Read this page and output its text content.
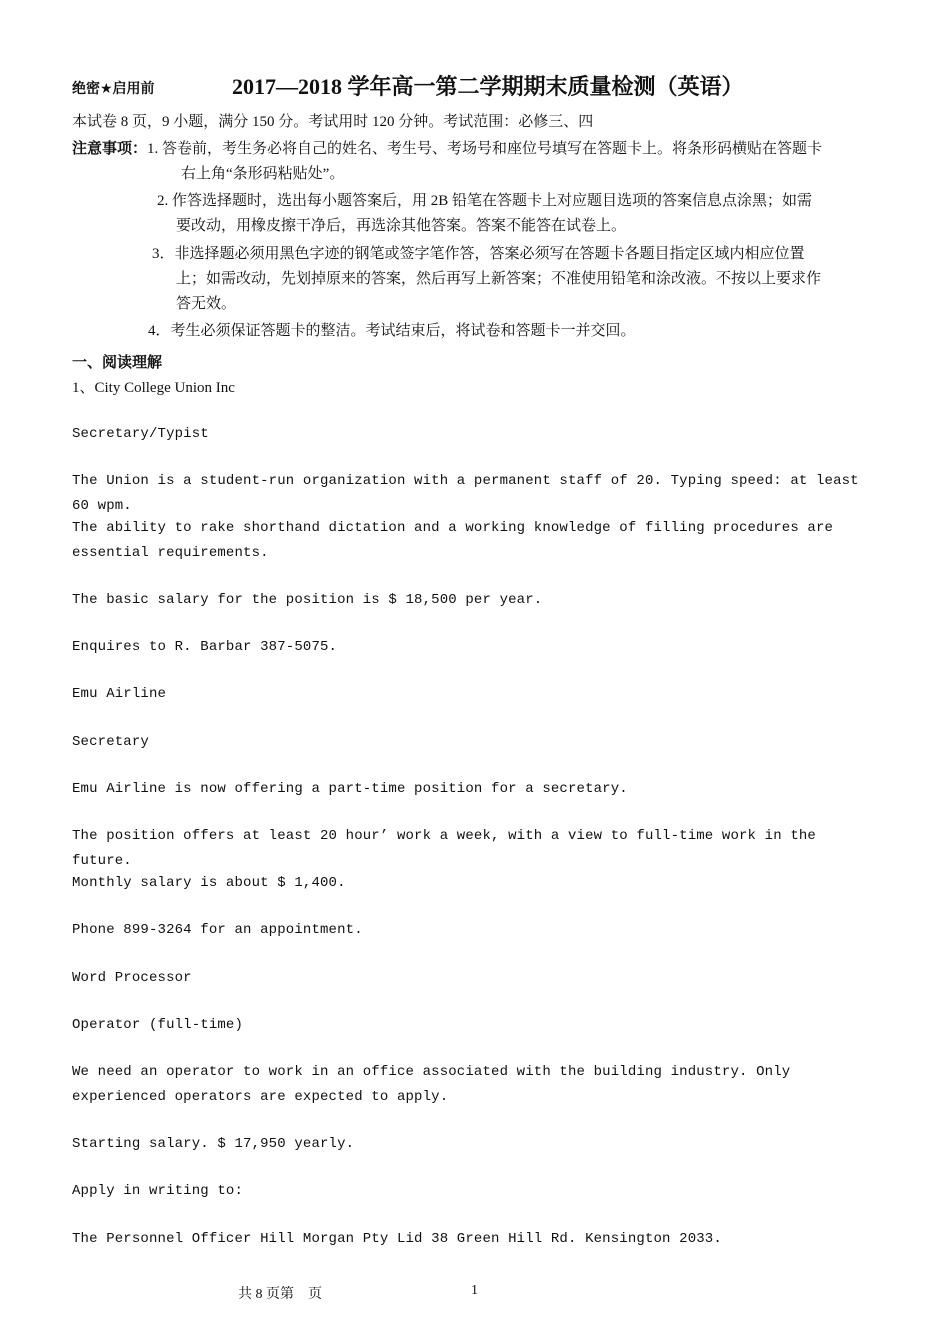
绝密★启用前	2017—2018 学年高一第二学期期末质量检测（英语）
本试卷 8 页，9 小题，满分 150 分。考试用时 120 分钟。考试范围：必修三、四
注意事项：1. 答卷前，考生务必将自己的姓名、考生号、考场号和座位号填写在答题卡上。将条形码横贴在答题卡
右上角“条形码粘贴处”。
2. 作答选择题时，选出每小题答案后，用 2B 铅笔在答题卡上对应题目选项的答案信息点涂黑；如需
要改动，用橡皮擦干净后，再选涂其他答案。答案不能答在试卷上。
3．非选择题必须用黑色字迹的钢笔或签字笔作答，答案必须写在答题卡各题目指定区域内相应位置
上；如需改动，先划掉原来的答案，然后再写上新答案；不准使用铅笔和涂改液。不按以上要求作
答无效。
4．考生必须保证答题卡的整洁。考试结束后，将试卷和答题卡一并交回。
一、阅读理解
1、City College Union Inc
Secretary/Typist
The Union is a student-run organization with a permanent staff of 20. Typing speed: at least 60 wpm.
The ability to rake shorthand dictation and a working knowledge of filling procedures are essential requirements.
The basic salary for the position is $ 18,500 per year.
Enquires to R. Barbar 387-5075.
Emu Airline
Secretary
Emu Airline is now offering a part-time position for a secretary.
The position offers at least 20 hour’ work a week, with a view to full-time work in the future.
Monthly salary is about $ 1,400.
Phone 899-3264 for an appointment.
Word Processor
Operator (full-time)
We need an operator to work in an office associated with the building industry. Only experienced operators are expected to apply.
Starting salary. $ 17,950 yearly.
Apply in writing to:
The Personnel Officer Hill Morgan Pty Lid 38 Green Hill Rd. Kensington 2033.
共 8 页第　页	1
